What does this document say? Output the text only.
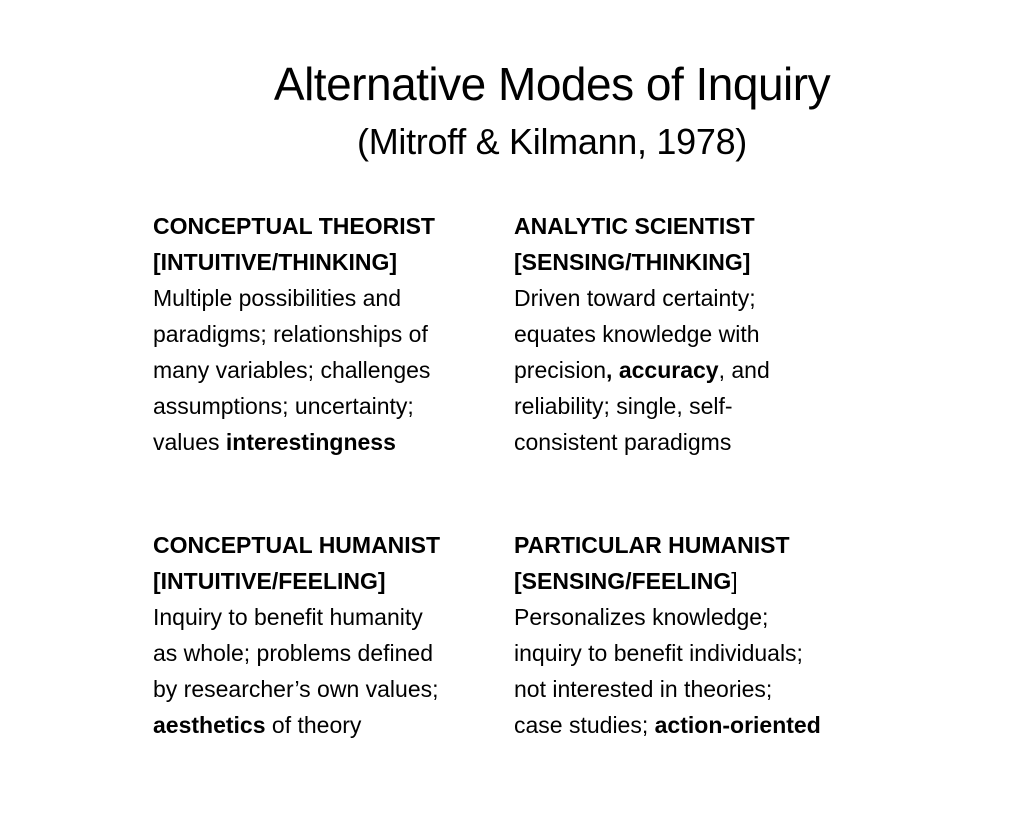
Alternative Modes of Inquiry
(Mitroff & Kilmann, 1978)
CONCEPTUAL THEORIST
[INTUITIVE/THINKING]
Multiple possibilities and
paradigms; relationships of
many variables; challenges
assumptions; uncertainty;
values interestingness
ANALYTIC SCIENTIST
[SENSING/THINKING]
Driven toward certainty;
equates knowledge with
precision, accuracy, and
reliability; single, self-
consistent paradigms
CONCEPTUAL HUMANIST
[INTUITIVE/FEELING]
Inquiry to benefit humanity
as whole; problems defined
by researcher’s own values;
aesthetics of theory
PARTICULAR HUMANIST
[SENSING/FEELING]
Personalizes knowledge;
inquiry to benefit individuals;
not interested in theories;
case studies; action-oriented
